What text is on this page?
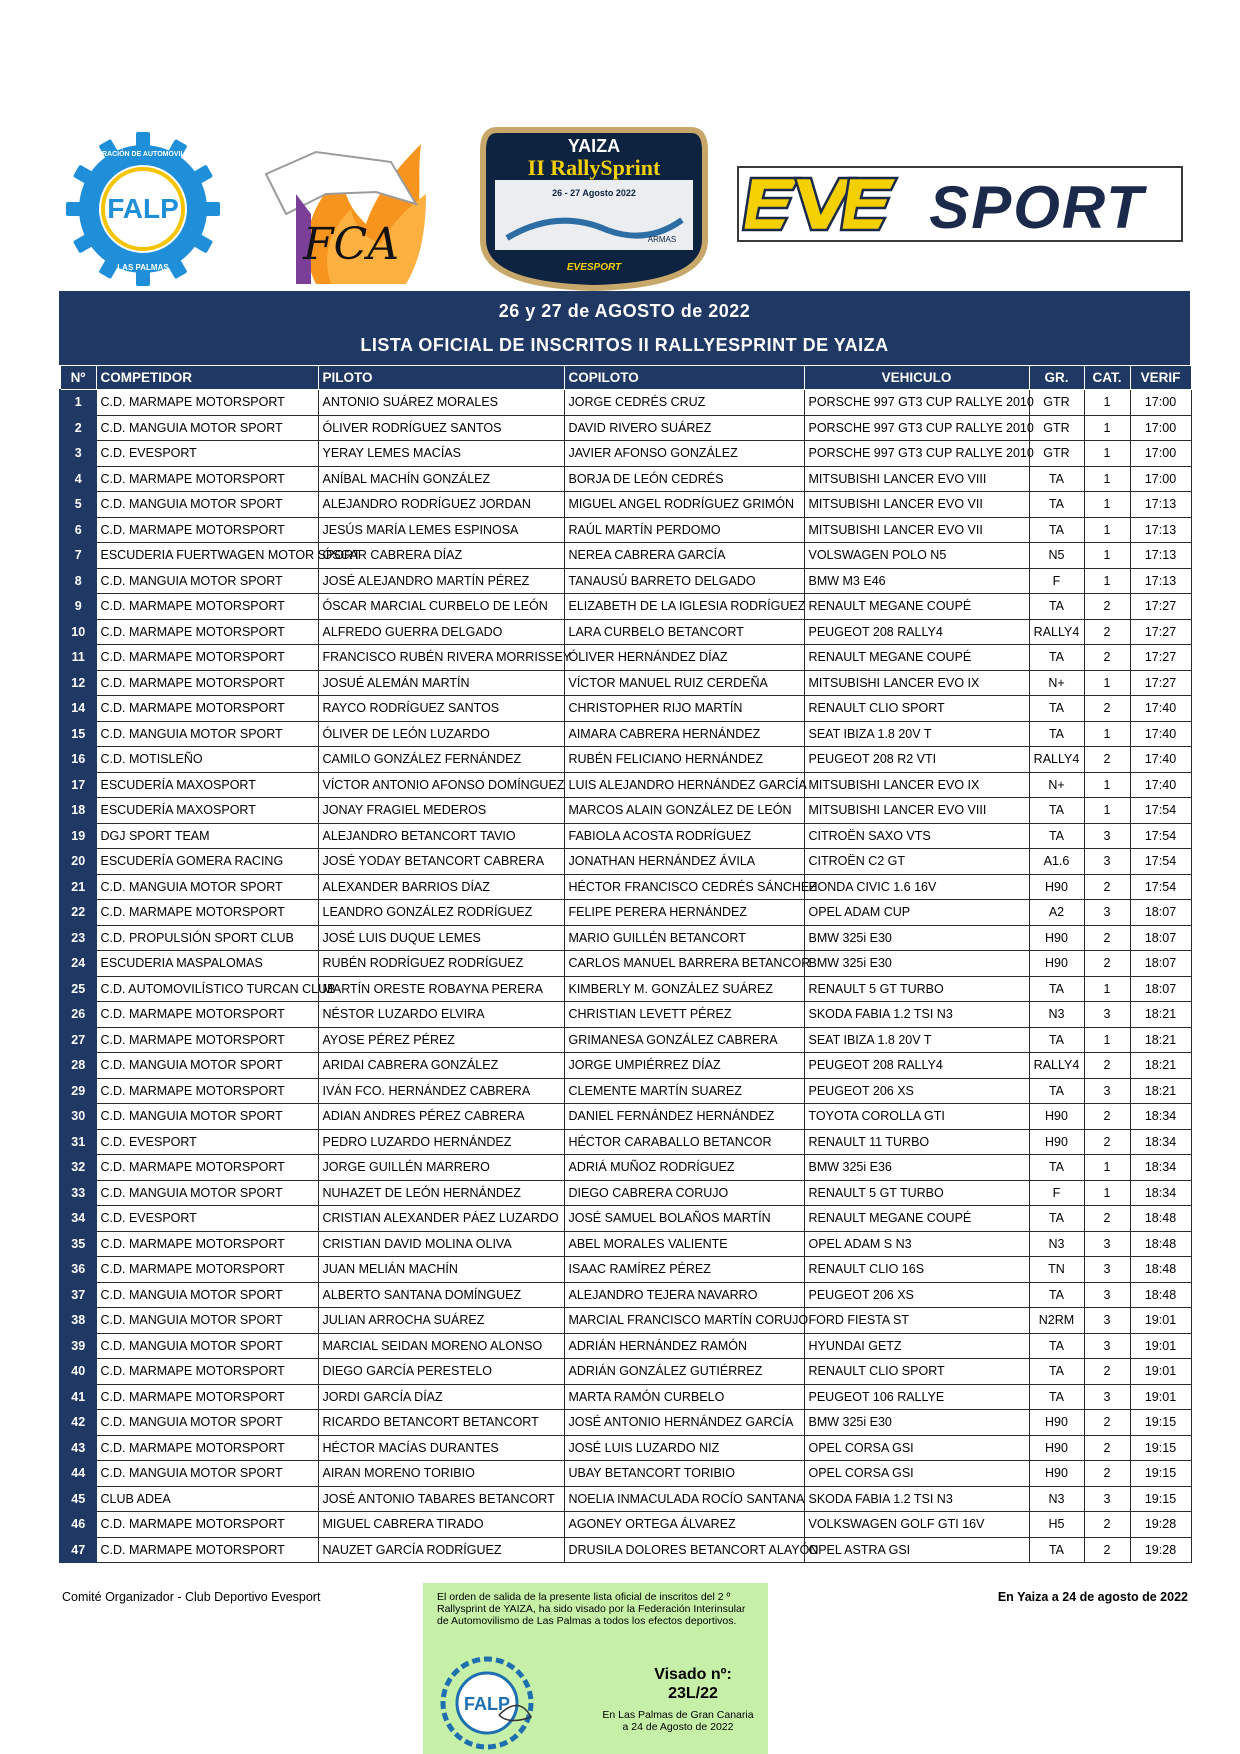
FALP
FEDERACIÓN DE AUTOMOVILISMO
LAS PALMAS	FCA
YAIZA
II RallySprint
26 - 27 Agosto 2022
ARMAS
EVESPORT
SPORT
26 y 27 de AGOSTO de 2022
LISTA OFICIAL DE INSCRITOS II RALLYESPRINT DE YAIZA
Nº	COMPETIDOR	PILOTO	COPILOTO	VEHICULO	GR.	CAT.	VERIF
1	C.D. MARMAPE MOTORSPORT	ANTONIO SUÁREZ MORALES	JORGE CEDRÉS CRUZ	PORSCHE 997 GT3 CUP RALLYE 2010	GTR	1	17:00
2	C.D. MANGUIA MOTOR SPORT	ÓLIVER RODRÍGUEZ SANTOS	DAVID RIVERO SUÁREZ	PORSCHE 997 GT3 CUP RALLYE 2010	GTR	1	17:00
3	C.D. EVESPORT	YERAY LEMES MACÍAS	JAVIER AFONSO GONZÁLEZ	PORSCHE 997 GT3 CUP RALLYE 2010	GTR	1	17:00
4	C.D. MARMAPE MOTORSPORT	ANÍBAL MACHÍN GONZÁLEZ	BORJA DE LEÓN CEDRÉS	MITSUBISHI LANCER EVO VIII	TA	1	17:00
5	C.D. MANGUIA MOTOR SPORT	ALEJANDRO RODRÍGUEZ JORDAN	MIGUEL ANGEL RODRÍGUEZ GRIMÓN	MITSUBISHI LANCER EVO VII	TA	1	17:13
6	C.D. MARMAPE MOTORSPORT	JESÚS MARÍA LEMES ESPINOSA	RAÚL MARTÍN PERDOMO	MITSUBISHI LANCER EVO VII	TA	1	17:13
7	ESCUDERIA FUERTWAGEN MOTOR SPORT	ÓSCAR CABRERA DÍAZ	NEREA CABRERA GARCÍA	VOLSWAGEN POLO N5	N5	1	17:13
8	C.D. MANGUIA MOTOR SPORT	JOSÉ ALEJANDRO MARTÍN PÉREZ	TANAUSÚ BARRETO DELGADO	BMW M3 E46	F	1	17:13
9	C.D. MARMAPE MOTORSPORT	ÓSCAR MARCIAL CURBELO DE LEÓN	ELIZABETH DE LA IGLESIA RODRÍGUEZ	RENAULT MEGANE COUPÉ	TA	2	17:27
10	C.D. MARMAPE MOTORSPORT	ALFREDO GUERRA DELGADO	LARA CURBELO BETANCORT	PEUGEOT 208 RALLY4	RALLY4	2	17:27
11	C.D. MARMAPE MOTORSPORT	FRANCISCO RUBÉN RIVERA MORRISSEY	ÓLIVER HERNÁNDEZ DÍAZ	RENAULT MEGANE COUPÉ	TA	2	17:27
12	C.D. MARMAPE MOTORSPORT	JOSUÉ ALEMÁN MARTÍN	VÍCTOR MANUEL RUIZ CERDEÑA	MITSUBISHI LANCER EVO IX	N+	1	17:27
14	C.D. MARMAPE MOTORSPORT	RAYCO RODRÍGUEZ SANTOS	CHRISTOPHER RIJO MARTÍN	RENAULT CLIO SPORT	TA	2	17:40
15	C.D. MANGUIA MOTOR SPORT	ÓLIVER DE LEÓN LUZARDO	AIMARA CABRERA HERNÁNDEZ	SEAT IBIZA 1.8 20V T	TA	1	17:40
16	C.D. MOTISLEÑO	CAMILO GONZÁLEZ FERNÁNDEZ	RUBÉN FELICIANO HERNÁNDEZ	PEUGEOT 208 R2 VTI	RALLY4	2	17:40
17	ESCUDERÍA MAXOSPORT	VÍCTOR ANTONIO AFONSO DOMÍNGUEZ	LUIS ALEJANDRO HERNÁNDEZ GARCÍA	MITSUBISHI LANCER EVO IX	N+	1	17:40
18	ESCUDERÍA MAXOSPORT	JONAY FRAGIEL MEDEROS	MARCOS ALAIN GONZÁLEZ DE LEÓN	MITSUBISHI LANCER EVO VIII	TA	1	17:54
19	DGJ SPORT TEAM	ALEJANDRO BETANCORT TAVIO	FABIOLA ACOSTA RODRÍGUEZ	CITROËN SAXO VTS	TA	3	17:54
20	ESCUDERÍA GOMERA RACING	JOSÉ YODAY BETANCORT CABRERA	JONATHAN HERNÁNDEZ ÁVILA	CITROËN C2 GT	A1.6	3	17:54
21	C.D. MANGUIA MOTOR SPORT	ALEXANDER BARRIOS DÍAZ	HÉCTOR FRANCISCO CEDRÉS SÁNCHEZ	HONDA CIVIC 1.6 16V	H90	2	17:54
22	C.D. MARMAPE MOTORSPORT	LEANDRO GONZÁLEZ RODRÍGUEZ	FELIPE PERERA HERNÁNDEZ	OPEL ADAM CUP	A2	3	18:07
23	C.D. PROPULSIÓN SPORT CLUB	JOSÉ LUIS DUQUE LEMES	MARIO GUILLÉN BETANCORT	BMW 325i E30	H90	2	18:07
24	ESCUDERIA MASPALOMAS	RUBÉN RODRÍGUEZ RODRÍGUEZ	CARLOS MANUEL BARRERA BETANCOR	BMW 325i E30	H90	2	18:07
25	C.D. AUTOMOVILÍSTICO TURCAN CLUB	MARTÍN ORESTE ROBAYNA PERERA	KIMBERLY M. GONZÁLEZ SUÁREZ	RENAULT 5 GT TURBO	TA	1	18:07
26	C.D. MARMAPE MOTORSPORT	NÉSTOR LUZARDO ELVIRA	CHRISTIAN LEVETT PÉREZ	SKODA FABIA 1.2 TSI N3	N3	3	18:21
27	C.D. MARMAPE MOTORSPORT	AYOSE PÉREZ PÉREZ	GRIMANESA GONZÁLEZ CABRERA	SEAT IBIZA 1.8 20V T	TA	1	18:21
28	C.D. MANGUIA MOTOR SPORT	ARIDAI CABRERA GONZÁLEZ	JORGE UMPIÉRREZ DÍAZ	PEUGEOT 208 RALLY4	RALLY4	2	18:21
29	C.D. MARMAPE MOTORSPORT	IVÁN FCO. HERNÁNDEZ CABRERA	CLEMENTE MARTÍN SUAREZ	PEUGEOT 206 XS	TA	3	18:21
30	C.D. MANGUIA MOTOR SPORT	ADIAN ANDRES PÉREZ CABRERA	DANIEL FERNÁNDEZ HERNÁNDEZ	TOYOTA COROLLA GTI	H90	2	18:34
31	C.D. EVESPORT	PEDRO LUZARDO HERNÁNDEZ	HÉCTOR CARABALLO BETANCOR	RENAULT 11 TURBO	H90	2	18:34
32	C.D. MARMAPE MOTORSPORT	JORGE GUILLÉN MARRERO	ADRIÁ MUÑOZ RODRÍGUEZ	BMW 325i E36	TA	1	18:34
33	C.D. MANGUIA MOTOR SPORT	NUHAZET DE LEÓN HERNÁNDEZ	DIEGO CABRERA CORUJO	RENAULT 5 GT TURBO	F	1	18:34
34	C.D. EVESPORT	CRISTIAN ALEXANDER PÁEZ LUZARDO	JOSÉ SAMUEL BOLAÑOS MARTÍN	RENAULT MEGANE COUPÉ	TA	2	18:48
35	C.D. MARMAPE MOTORSPORT	CRISTIAN DAVID MOLINA OLIVA	ABEL MORALES VALIENTE	OPEL ADAM S N3	N3	3	18:48
36	C.D. MARMAPE MOTORSPORT	JUAN MELIÁN MACHÍN	ISAAC RAMÍREZ PÉREZ	RENAULT CLIO 16S	TN	3	18:48
37	C.D. MANGUIA MOTOR SPORT	ALBERTO SANTANA DOMÍNGUEZ	ALEJANDRO TEJERA NAVARRO	PEUGEOT 206 XS	TA	3	18:48
38	C.D. MANGUIA MOTOR SPORT	JULIAN ARROCHA SUÁREZ	MARCIAL FRANCISCO MARTÍN CORUJO	FORD FIESTA ST	N2RM	3	19:01
39	C.D. MANGUIA MOTOR SPORT	MARCIAL SEIDAN MORENO ALONSO	ADRIÁN HERNÁNDEZ RAMÓN	HYUNDAI GETZ	TA	3	19:01
40	C.D. MARMAPE MOTORSPORT	DIEGO GARCÍA PERESTELO	ADRIÁN GONZÁLEZ GUTIÉRREZ	RENAULT CLIO SPORT	TA	2	19:01
41	C.D. MARMAPE MOTORSPORT	JORDI GARCÍA DÍAZ	MARTA RAMÓN CURBELO	PEUGEOT 106 RALLYE	TA	3	19:01
42	C.D. MANGUIA MOTOR SPORT	RICARDO BETANCORT BETANCORT	JOSÉ ANTONIO HERNÁNDEZ GARCÍA	BMW 325i E30	H90	2	19:15
43	C.D. MARMAPE MOTORSPORT	HÉCTOR MACÍAS DURANTES	JOSÉ LUIS LUZARDO NIZ	OPEL CORSA GSI	H90	2	19:15
44	C.D. MANGUIA MOTOR SPORT	AIRAN MORENO TORIBIO	UBAY BETANCORT TORIBIO	OPEL CORSA GSI	H90	2	19:15
45	CLUB ADEA	JOSÉ ANTONIO TABARES BETANCORT	NOELIA INMACULADA ROCÍO SANTANA	SKODA FABIA 1.2 TSI N3	N3	3	19:15
46	C.D. MARMAPE MOTORSPORT	MIGUEL CABRERA TIRADO	AGONEY ORTEGA ÁLVAREZ	VOLKSWAGEN GOLF GTI 16V	H5	2	19:28
47	C.D. MARMAPE MOTORSPORT	NAUZET GARCÍA RODRÍGUEZ	DRUSILA DOLORES BETANCORT ALAYÓN	OPEL ASTRA GSI	TA	2	19:28
Comité Organizador - Club Deportivo Evesport	En Yaiza a 24 de agosto de 2022
El orden de salida de la presente lista oficial de inscritos del 2 º Rallysprint de YAIZA, ha sido visado por la Federación Interinsular de Automovilismo de Las Palmas a todos los efectos deportivos.
FALP
Visado nº:
23L/22
En Las Palmas de Gran Canaria
a 24 de Agosto de 2022
